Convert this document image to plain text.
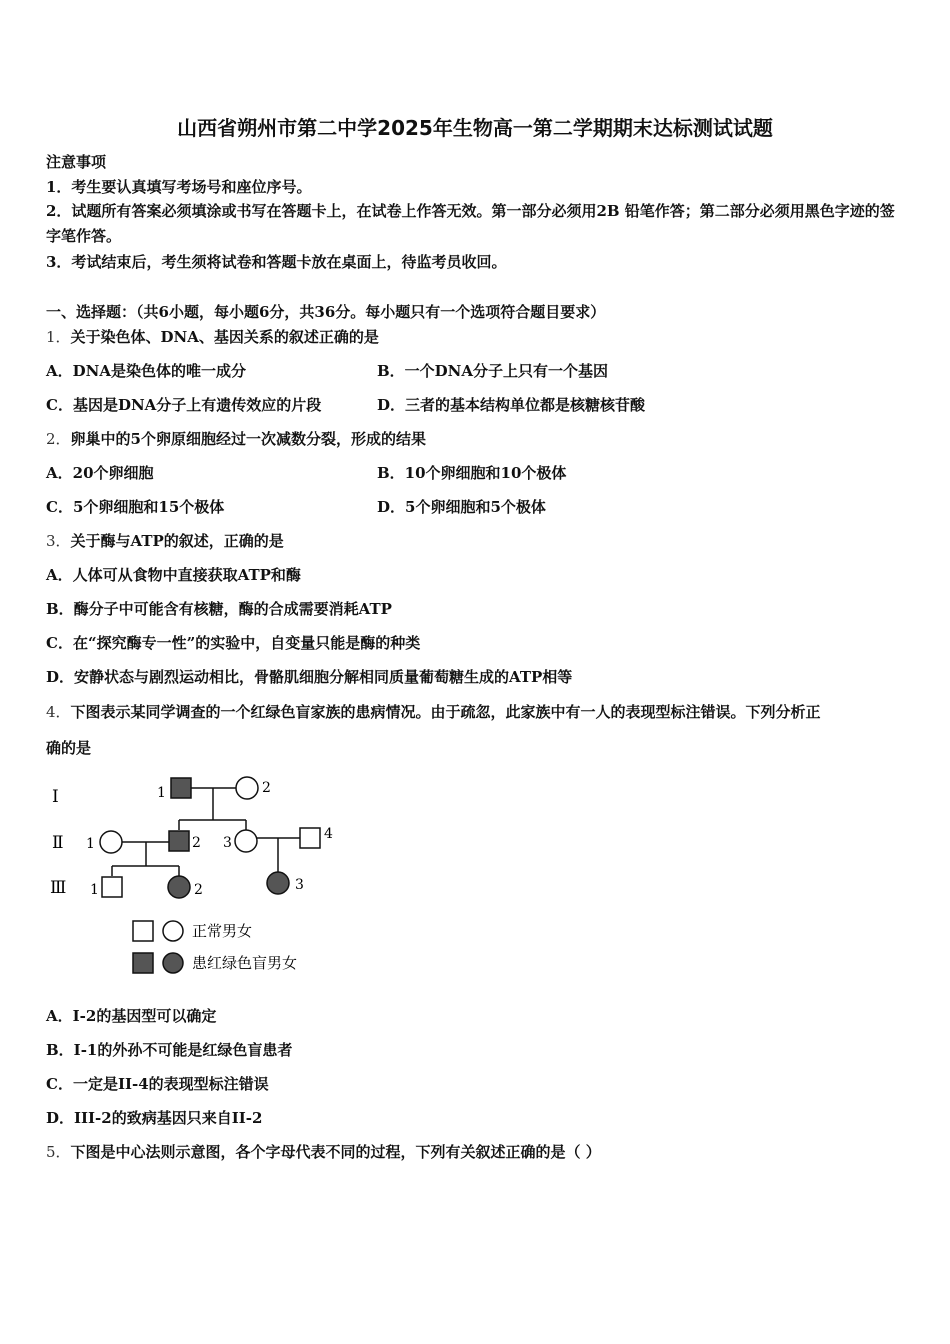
山西省朔州市第二中学2025年生物高一第二学期期末达标测试试题
注意事项
1．考生要认真填写考场号和座位序号。
2．试题所有答案必须填涂或书写在答题卡上，在试卷上作答无效。第一部分必须用2B 铅笔作答；第二部分必须用黑色字迹的签字笔作答。
3．考试结束后，考生须将试卷和答题卡放在桌面上，待监考员收回。
一、选择题：（共6小题，每小题6分，共36分。每小题只有一个选项符合题目要求）
1．关于染色体、DNA、基因关系的叙述正确的是
A．DNA是染色体的唯一成分	B．一个DNA分子上只有一个基因
C．基因是DNA分子上有遗传效应的片段	D．三者的基本结构单位都是核糖核苷酸
2．卵巢中的5个卵原细胞经过一次减数分裂，形成的结果
A．20个卵细胞	B．10个卵细胞和10个极体
C．5个卵细胞和15个极体	D．5个卵细胞和5个极体
3．关于酶与ATP的叙述，正确的是
A．人体可从食物中直接获取ATP和酶
B．酶分子中可能含有核糖，酶的合成需要消耗ATP
C．在“探究酶专一性”的实验中，自变量只能是酶的种类
D．安静状态与剧烈运动相比，骨骼肌细胞分解相同质量葡萄糖生成的ATP相等
4．下图表示某同学调查的一个红绿色盲家族的患病情况。由于疏忽，此家族中有一人的表现型标注错误。下列分析正
确的是
Ⅰ
Ⅱ
Ⅲ
1	2
1	2 3
4
1	2	3
正常男女
患红绿色盲男女
A．I-2的基因型可以确定
B．I-1的外孙不可能是红绿色盲患者
C．一定是II-4的表现型标注错误
D．III-2的致病基因只来自II-2
5．下图是中心法则示意图，各个字母代表不同的过程，下列有关叙述正确的是（ ）
